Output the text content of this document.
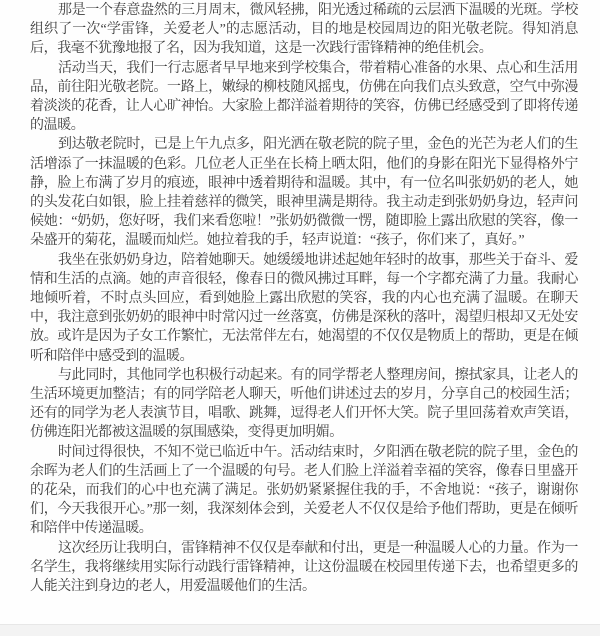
那是一个春意盎然的三月周末，微风轻拂，阳光透过稀疏的云层洒下温暖的光斑。学校组织了一次“学雷锋，关爱老人”的志愿活动，目的地是校园周边的阳光敬老院。得知消息后，我毫不犹豫地报了名，因为我知道，这是一次践行雷锋精神的绝佳机会。

活动当天，我们一行志愿者早早地来到学校集合，带着精心准备的水果、点心和生活用品，前往阳光敬老院。一路上，嫩绿的柳枝随风摇曳，仿佛在向我们点头致意，空气中弥漫着淡淡的花香，让人心旷神怡。大家脸上都洋溢着期待的笑容，仿佛已经感受到了即将传递的温暖。

到达敬老院时，已是上午九点多，阳光洒在敬老院的院子里，金色的光芒为老人们的生活增添了一抹温暖的色彩。几位老人正坐在长椅上晒太阳，他们的身影在阳光下显得格外宁静，脸上布满了岁月的痕迹，眼神中透着期待和温暖。其中，有一位名叫张奶奶的老人，她的头发花白如银，脸上挂着慈祥的微笑，眼神里满是期待。我主动走到张奶奶身边，轻声问候她：“奶奶，您好呀，我们来看您啦！”张奶奶微微一愣，随即脸上露出欣慰的笑容，像一朵盛开的菊花，温暖而灿烂。她拉着我的手，轻声说道：“孩子，你们来了，真好。”

我坐在张奶奶身边，陪着她聊天。她缓缓地讲述起她年轻时的故事，那些关于奋斗、爱情和生活的点滴。她的声音很轻，像春日的微风拂过耳畔，每一个字都充满了力量。我耐心地倾听着，不时点头回应，看到她脸上露出欣慰的笑容，我的内心也充满了温暖。在聊天中，我注意到张奶奶的眼神中时常闪过一丝落寞，仿佛是深秋的落叶，渴望归根却又无处安放。或许是因为子女工作繁忙，无法常伴左右，她渴望的不仅仅是物质上的帮助，更是在倾听和陪伴中感受到的温暖。

与此同时，其他同学也积极行动起来。有的同学帮老人整理房间，擦拭家具，让老人的生活环境更加整洁；有的同学陪老人聊天，听他们讲述过去的岁月，分享自己的校园生活；还有的同学为老人表演节目，唱歌、跳舞，逗得老人们开怀大笑。院子里回荡着欢声笑语，仿佛连阳光都被这温暖的氛围感染，变得更加明媚。

时间过得很快，不知不觉已临近中午。活动结束时，夕阳洒在敬老院的院子里，金色的余晖为老人们的生活画上了一个温暖的句号。老人们脸上洋溢着幸福的笑容，像春日里盛开的花朵，而我们的心中也充满了满足。张奶奶紧紧握住我的手，不舍地说：“孩子，谢谢你们，今天我很开心。”那一刻，我深刻体会到，关爱老人不仅仅是给予他们帮助，更是在倾听和陪伴中传递温暖。

这次经历让我明白，雷锋精神不仅仅是奉献和付出，更是一种温暖人心的力量。作为一名学生，我将继续用实际行动践行雷锋精神，让这份温暖在校园里传递下去，也希望更多的人能关注到身边的老人，用爱温暖他们的生活。
